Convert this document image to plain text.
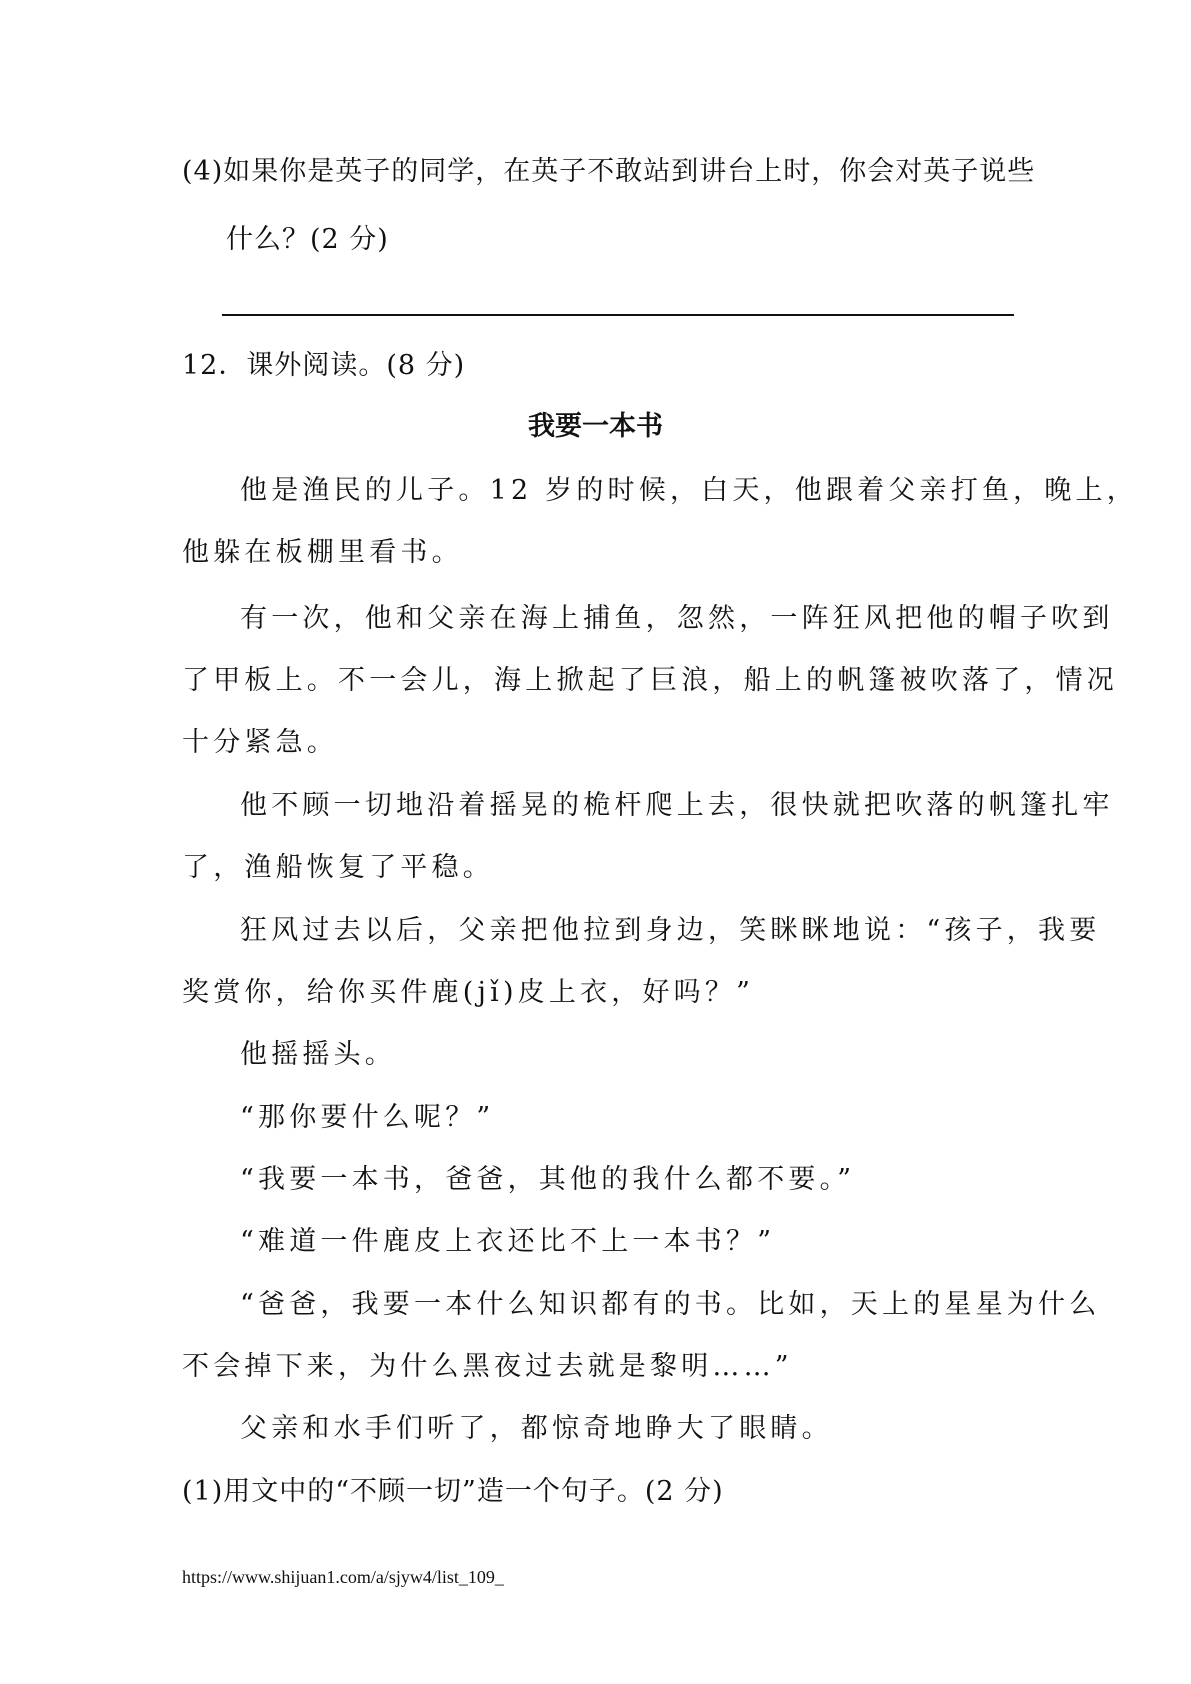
(4)如果你是英子的同学，在英子不敢站到讲台上时，你会对英子说些
什么？(2 分)
12．课外阅读。(8 分)
我要一本书
他是渔民的儿子。12 岁的时候，白天，他跟着父亲打鱼，晚上，
他躲在板棚里看书。
有一次，他和父亲在海上捕鱼，忽然，一阵狂风把他的帽子吹到
了甲板上。不一会儿，海上掀起了巨浪，船上的帆篷被吹落了，情况
十分紧急。
他不顾一切地沿着摇晃的桅杆爬上去，很快就把吹落的帆篷扎牢
了，渔船恢复了平稳。
狂风过去以后，父亲把他拉到身边，笑眯眯地说：“孩子，我要
奖赏你，给你买件鹿(jǐ)皮上衣，好吗？”
他摇摇头。
“那你要什么呢？”
“我要一本书，爸爸，其他的我什么都不要。”
“难道一件鹿皮上衣还比不上一本书？”
“爸爸，我要一本什么知识都有的书。比如，天上的星星为什么
不会掉下来，为什么黑夜过去就是黎明……”
父亲和水手们听了，都惊奇地睁大了眼睛。
(1)用文中的“不顾一切”造一个句子。(2 分)
https://www.shijuan1.com/a/sjyw4/list_109_
